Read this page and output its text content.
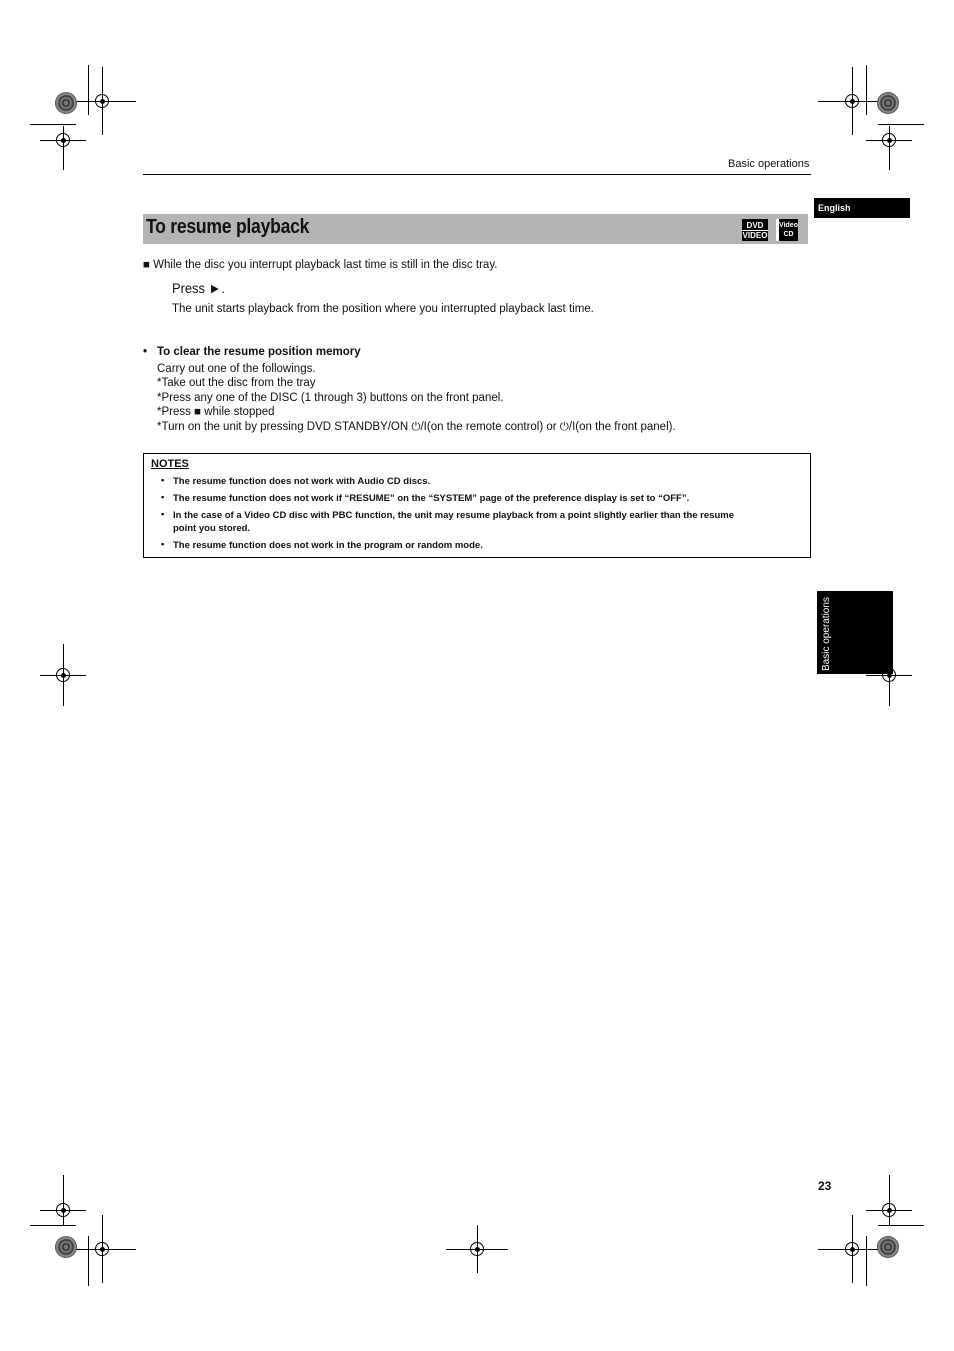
Basic operations
English
To resume playback	DVD
VIDEO
Video
CD
■ While the disc you interrupt playback last time is still in the disc tray.
Press ►.
The unit starts playback from the position where you interrupted playback last time.
• To clear the resume position memory
Carry out one of the followings.
*Take out the disc from the tray
*Press any one of the DISC (1 through 3) buttons on the front panel.
*Press ■ while stopped
*Turn on the unit by pressing DVD STANDBY/ON ⏻/I(on the remote control) or ⏻/I(on the front panel).
NOTES
• The resume function does not work with Audio CD discs.
• The resume function does not work if “RESUME” on the “SYSTEM” page of the preference display is set to “OFF”.
• In the case of a Video CD disc with PBC function, the unit may resume playback from a point slightly earlier than the resume
point you stored.
• The resume function does not work in the program or random mode.
Basic operations
23
